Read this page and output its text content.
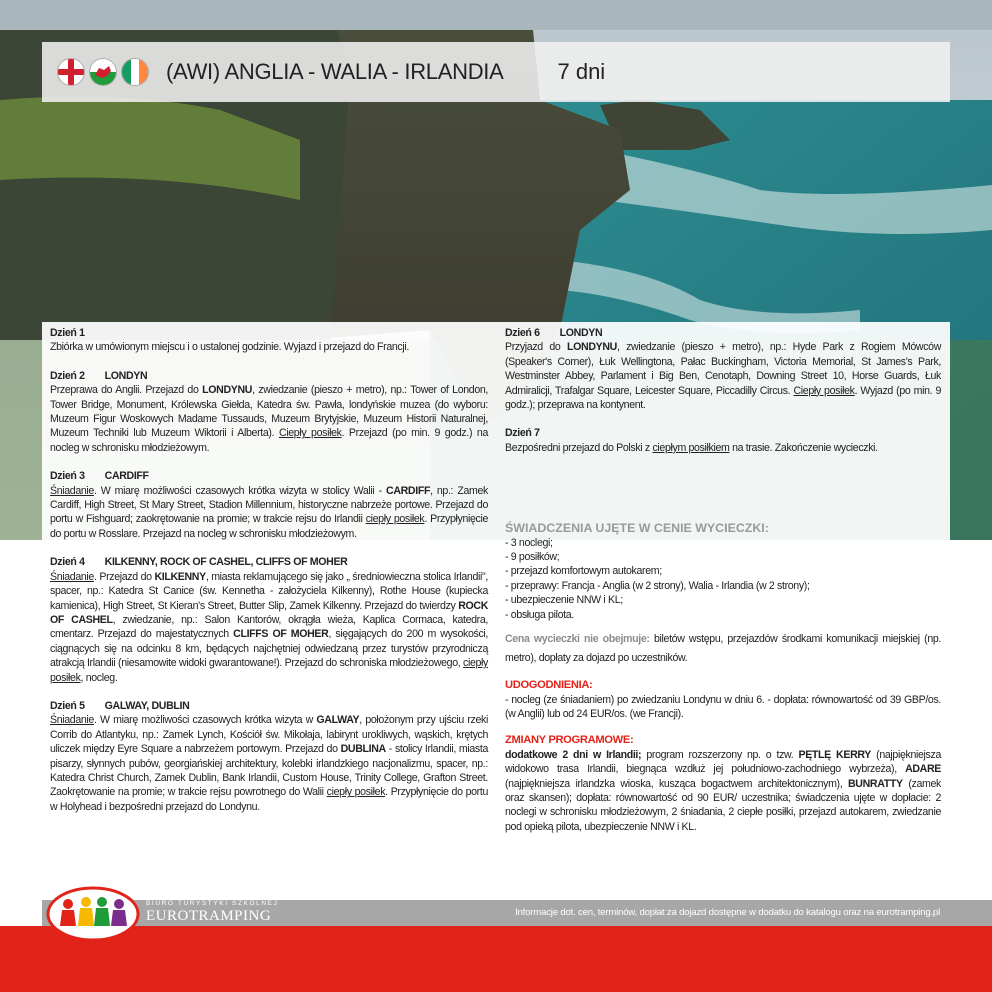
(AWI) ANGLIA - WALIA - IRLANDIA 7 dni
Dzień 1

Zbiórka w umówionym miejscu i o ustalonej godzinie. Wyjazd i przejazd do Francji.

Dzień 2 LONDYN

Przeprawa do Anglii. Przejazd do LONDYNU, zwiedzanie (pieszo + metro), np.: Tower of London, Tower Bridge, Monument, Królewska Giełda, Katedra św. Pawła, londyńskie muzea (do wyboru: Muzeum Figur Woskowych Madame Tussauds, Muzeum Brytyjskie, Muzeum Historii Naturalnej, Muzeum Techniki lub Muzeum Wiktorii i Alberta). Ciepły posiłek. Przejazd (po min. 9 godz.) na nocleg w schronisku młodzieżowym.

Dzień 3 CARDIFF

Śniadanie. W miarę możliwości czasowych krótka wizyta w stolicy Walii - CARDIFF, np.: Zamek Cardiff, High Street, St Mary Street, Stadion Millennium, historyczne nabrzeże portowe. Przejazd do portu w Fishguard; zaokrętowanie na promie; w trakcie rejsu do Irlandii ciepły posiłek. Przypłynięcie do portu w Rosslare. Przejazd na nocleg w schronisku młodzieżowym.

Dzień 4 KILKENNY, ROCK OF CASHEL, CLIFFS OF MOHER

Śniadanie. Przejazd do KILKENNY, miasta reklamującego się jako „ średniowieczna stolica Irlandii", spacer, np.: Katedra St Canice (św. Kennetha - założyciela Kilkenny), Rothe House (kupiecka kamienica), High Street, St Kieran's Street, Butter Slip, Zamek Kilkenny. Przejazd do twierdzy ROCK OF CASHEL, zwiedzanie, np.: Salon Kantorów, okrągła wieża, Kaplica Cormaca, katedra, cmentarz. Przejazd do majestatycznych CLIFFS OF MOHER, sięgających do 200 m wysokości, ciągnących się na odcinku 8 km, będących najchętniej odwiedzaną przez turystów przyrodniczą atrakcją Irlandii (niesamowite widoki gwarantowane!). Przejazd do schroniska młodzieżowego, ciepły posiłek, nocleg.

Dzień 5 GALWAY, DUBLIN

Śniadanie. W miarę możliwości czasowych krótka wizyta w GALWAY, położonym przy ujściu rzeki Corrib do Atlantyku, np.: Zamek Lynch, Kościół św. Mikołaja, labirynt urokliwych, wąskich, krętych uliczek między Eyre Square a nabrzeżem portowym. Przejazd do DUBLINA - stolicy Irlandii, miasta pisarzy, słynnych pubów, georgiańskiej architektury, kolebki irlandzkiego nacjonalizmu, spacer, np.: Katedra Christ Church, Zamek Dublin, Bank Irlandii, Custom House, Trinity College, Grafton Street. Zaokrętowanie na promie; w trakcie rejsu powrotnego do Walii ciepły posiłek. Przypłynięcie do portu w Holyhead i bezpośredni przejazd do Londynu.

Dzień 6 LONDYN

Przyjazd do LONDYNU, zwiedzanie (pieszo + metro), np.: Hyde Park z Rogiem Mówców (Speaker's Corner), Łuk Wellingtona, Pałac Buckingham, Victoria Memorial, St James's Park, Westminster Abbey, Parlament i Big Ben, Cenotaph, Downing Street 10, Horse Guards, Łuk Admiralicji, Trafalgar Square, Leicester Square, Piccadilly Circus. Ciepły posiłek. Wyjazd (po min. 9 godz.); przeprawa na kontynent.

Dzień 7

Bezpośredni przejazd do Polski z ciepłym posiłkiem na trasie. Zakończenie wycieczki.

ŚWIADCZENIA UJĘTE W CENIE WYCIECZKI:
- 3 noclegi;
- 9 posiłków;
- przejazd komfortowym autokarem;
- przeprawy: Francja - Anglia (w 2 strony), Walia - Irlandia (w 2 strony);
- ubezpieczenie NNW i KL;
- obsługa pilota.

Cena wycieczki nie obejmuje: biletów wstępu, przejazdów środkami komunikacji miejskiej (np. metro), dopłaty za dojazd po uczestników.

UDOGODNIENIA:

- nocleg (ze śniadaniem) po zwiedzaniu Londynu w dniu 6. - dopłata: równowartość od 39 GBP/os. (w Anglii) lub od 24 EUR/os. (we Francji).

ZMIANY PROGRAMOWE:

dodatkowe 2 dni w Irlandii; program rozszerzony np. o tzw. PĘTLĘ KERRY (najpiękniejsza widokowo trasa Irlandii, biegnąca wzdłuż jej południowo-zachodniego wybrzeża), ADARE (najpiękniejsza irlandzka wioska, kusząca bogactwem architektonicznym), BUNRATTY (zamek oraz skansen); dopłata: równowartość od 90 EUR/ uczestnika; świadczenia ujęte w dopłacie: 2 noclegi w schronisku młodzieżowym, 2 śniadania, 2 ciepłe posiłki, przejazd autokarem, zwiedzanie pod opieką pilota, ubezpieczenie NNW i KL.

BIURO TURYSTYKI SZKOLNEJ
EUROTRAMPING	Informacje dot. cen, terminów, dopłat za dojazd dostępne w dodatku do katalogu oraz na eurotramping.pl
